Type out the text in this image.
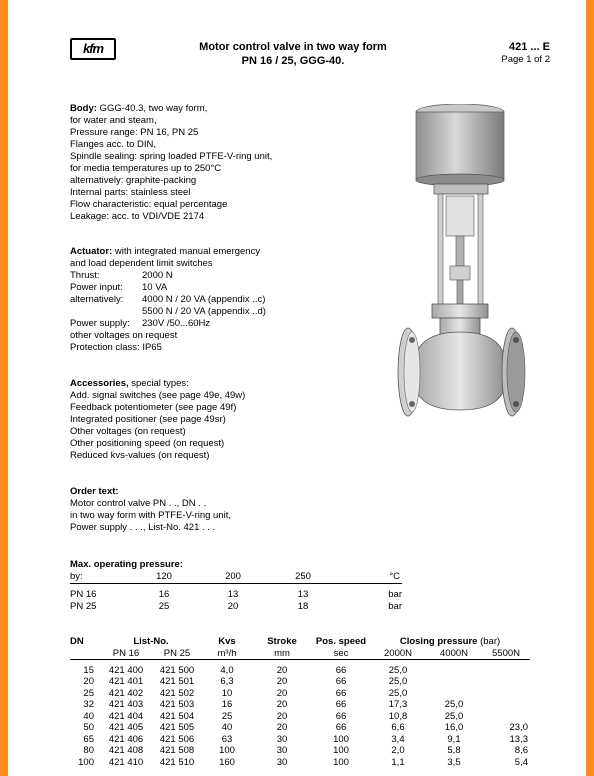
kfm	Motor control valve in two way form
PN 16 / 25, GGG-40.
421 ... E
Page 1 of 2
Body: GGG-40.3, two way form,
for water and steam,
Pressure range: PN 16, PN 25
Flanges acc. to DIN,
Spindle sealing: spring loaded PTFE-V-ring unit,
for media temperatures up to 250°C
alternatively: graphite-packing
Internal parts: stainless steel
Flow characteristic: equal percentage
Leakage: acc. to VDI/VDE 2174
Actuator: with integrated manual emergency
and load dependent limit switches
Thrust:	2000 N
Power input: 10 VA
alternatively: 4000 N / 20 VA (appendix ..c)
5500 N / 20 VA (appendix ..d)
Power supply: 230V /50...60Hz
other voltages on request
Protection class: IP65
Accessories, special types:
Add. signal switches (see page 49e, 49w)
Feedback potentiometer (see page 49f)
Integrated positioner (see page 49sr)
Other voltages (on request)
Other positioning speed (on request)
Reduced kvs-values (on request)
Order text:
Motor control valve PN . ., DN . .
in two way form with PTFE-V-ring unit,
Power supply . . ., List-No. 421 . . .
Max. operating pressure:
by:	120	200	250	°C

PN 16	16	13	13	bar
PN 25	25	20	18	bar
DN	List-No.		Kvs	Stroke	Pos. speed	Closing pressure (bar)		
	PN 16	PN 25	m³/h	mm	sec	2000N	4000N	5500N

15	421 400	421 500	4,0	20	66	25,0		
20	421 401	421 501	6,3	20	66	25,0		
25	421 402	421 502	10	20	66	25,0		
32	421 403	421 503	16	20	66	17,3	25,0	
40	421 404	421 504	25	20	66	10,8	25,0	
50	421 405	421 505	40	20	66	6,6	16,0	23,0
65	421 406	421 506	63	30	100	3,4	9,1	13,3
80	421 408	421 508	100	30	100	2,0	5,8	8,6
100	421 410	421 510	160	30	100	1,1	3,5	5,4
